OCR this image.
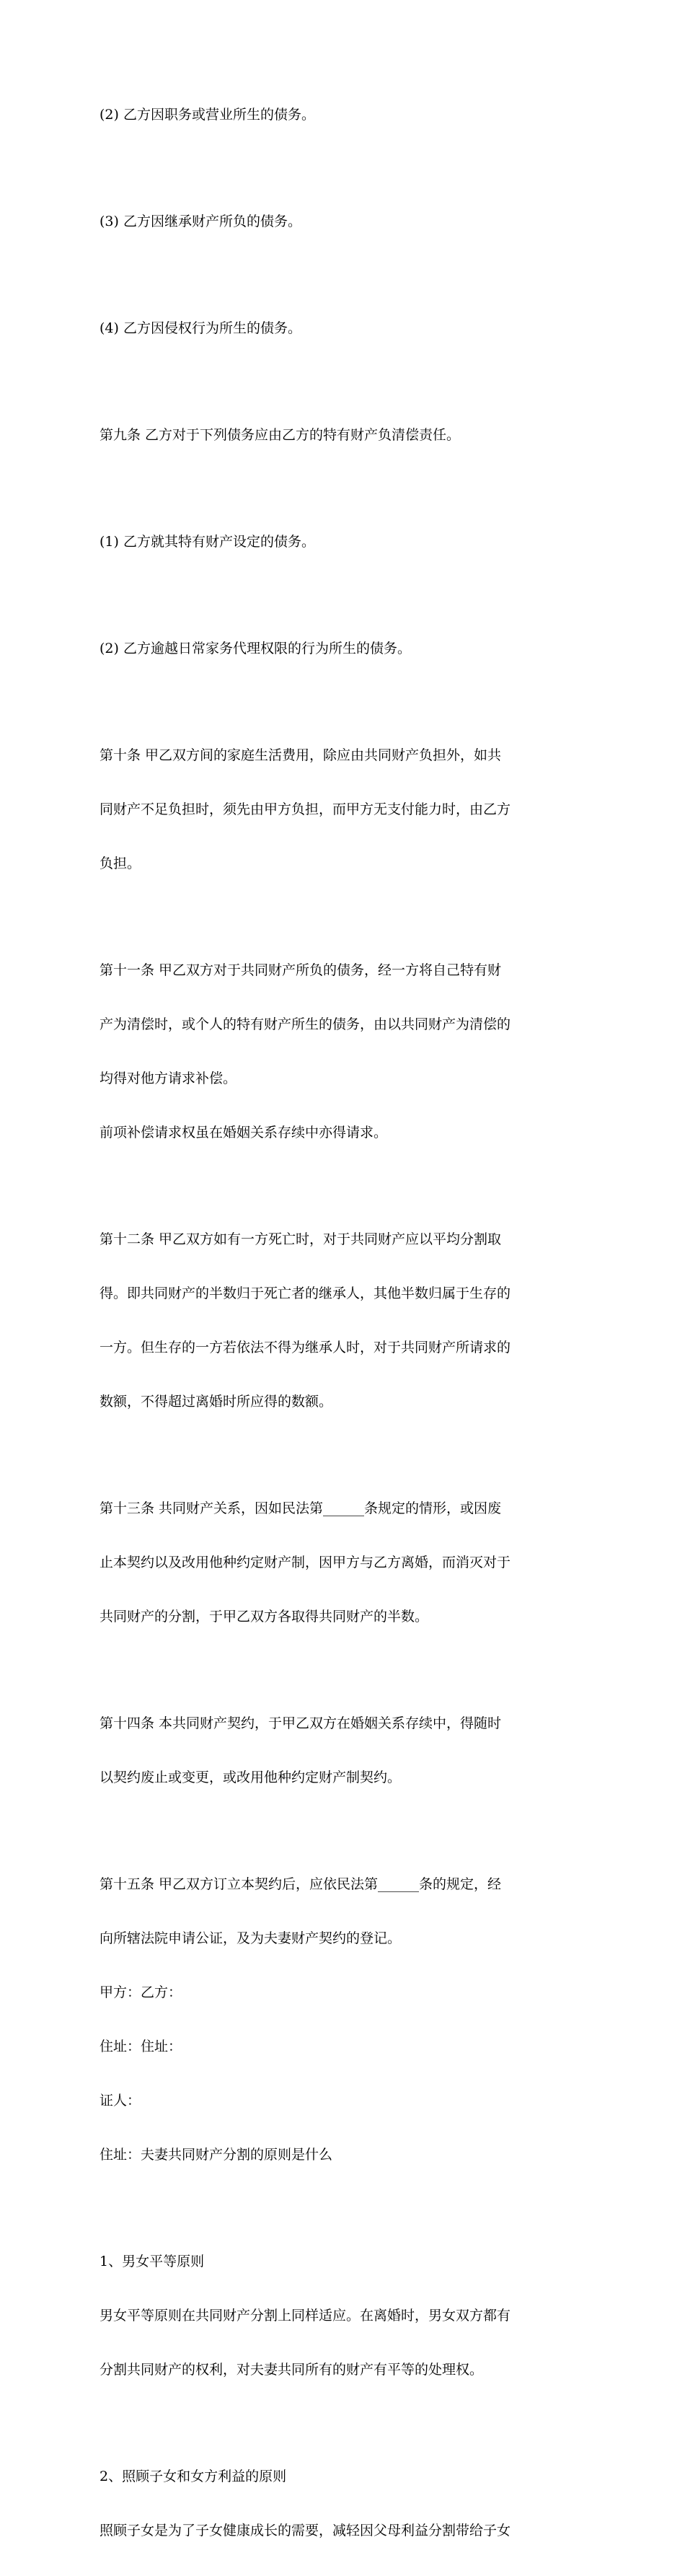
(2) 乙方因职务或营业所生的债务。

(3) 乙方因继承财产所负的债务。

(4) 乙方因侵权行为所生的债务。

第九条 乙方对于下列债务应由乙方的特有财产负清偿责任。

(1) 乙方就其特有财产设定的债务。

(2) 乙方逾越日常家务代理权限的行为所生的债务。

第十条 甲乙双方间的家庭生活费用，除应由共同财产负担外，如共

同财产不足负担时，须先由甲方负担，而甲方无支付能力时，由乙方

负担。

第十一条 甲乙双方对于共同财产所负的债务，经一方将自己特有财

产为清偿时，或个人的特有财产所生的债务，由以共同财产为清偿的

均得对他方请求补偿。

前项补偿请求权虽在婚姻关系存续中亦得请求。

第十二条 甲乙双方如有一方死亡时，对于共同财产应以平均分割取

得。即共同财产的半数归于死亡者的继承人，其他半数归属于生存的

一方。但生存的一方若依法不得为继承人时，对于共同财产所请求的

数额，不得超过离婚时所应得的数额。

第十三条 共同财产关系，因如民法第______条规定的情形，或因废

止本契约以及改用他种约定财产制，因甲方与乙方离婚，而消灭对于

共同财产的分割，于甲乙双方各取得共同财产的半数。

第十四条 本共同财产契约，于甲乙双方在婚姻关系存续中，得随时

以契约废止或变更，或改用他种约定财产制契约。

第十五条 甲乙双方订立本契约后，应依民法第______条的规定，经

向所辖法院申请公证，及为夫妻财产契约的登记。

甲方：乙方：

住址：住址：

证人：

住址：夫妻共同财产分割的原则是什么

1、男女平等原则

男女平等原则在共同财产分割上同样适应。在离婚时，男女双方都有

分割共同财产的权利，对夫妻共同所有的财产有平等的处理权。

2、照顾子女和女方利益的原则

照顾子女是为了子女健康成长的需要，减轻因父母利益分割带给子女
